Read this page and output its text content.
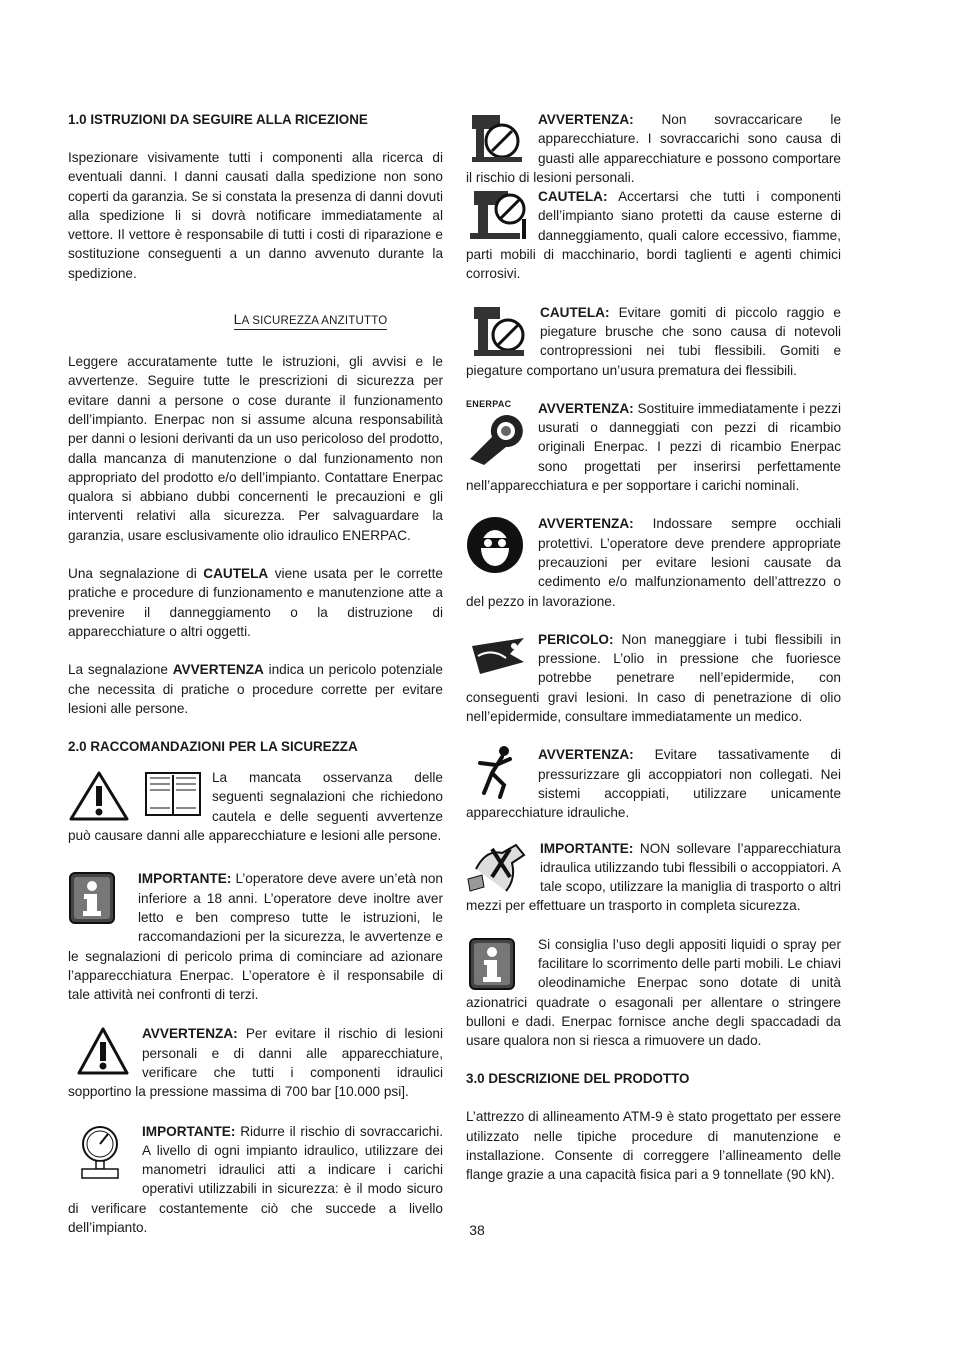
1.0 ISTRUZIONI DA SEGUIRE ALLA RICEZIONE

Ispezionare visivamente tutti i componenti alla ricerca di eventuali danni. I danni causati dalla spedizione non sono coperti da garanzia. Se si constata la presenza di danni dovuti alla spedizione li si dovrà notificare immediatamente al vettore. Il vettore è responsabile di tutti i costi di riparazione e sostituzione conseguenti a un danno avvenuto durante la spedizione.

LA SICUREZZA ANZITUTTO

Leggere accuratamente tutte le istruzioni, gli avvisi e le avvertenze. Seguire tutte le prescrizioni di sicurezza per evitare danni a persone o cose durante il funzionamento dell’impianto. Enerpac non si assume alcuna responsabilità per danni o lesioni derivanti da un uso pericoloso del prodotto, dalla mancanza di manutenzione o dal funzionamento non appropriato del prodotto e/o dell’impianto. Contattare Enerpac qualora si abbiano dubbi concernenti le precauzioni e gli interventi relativi alla sicurezza. Per salvaguardare la garanzia, usare esclusivamente olio idraulico ENERPAC.

Una segnalazione di CAUTELA viene usata per le corrette pratiche e procedure di funzionamento e manutenzione atte a prevenire il danneggiamento o la distruzione di apparecchiature o altri oggetti.

La segnalazione AVVERTENZA indica un pericolo potenziale che necessita di pratiche o procedure corrette per evitare lesioni alle persone.

2.0 RACCOMANDAZIONI PER LA SICUREZZA

La mancata osservanza delle seguenti segnalazioni che richiedono cautela e delle seguenti avvertenze può causare danni alle apparecchiature e lesioni alle persone.

IMPORTANTE: L’operatore deve avere un’età non inferiore a 18 anni. L’operatore deve inoltre aver letto e ben compreso tutte le istruzioni, le raccomandazioni per la sicurezza, le avvertenze e le segnalazioni di pericolo prima di cominciare ad azionare l’apparecchiatura Enerpac. L’operatore è il responsabile di tale attività nei confronti di terzi.

AVVERTENZA: Per evitare il rischio di lesioni personali e di danni alle apparecchiature, verificare che tutti i componenti idraulici sopportino la pressione massima di 700 bar [10.000 psi].

IMPORTANTE: Ridurre il rischio di sovraccarichi. A livello di ogni impianto idraulico, utilizzare dei manometri idraulici atti a indicare i carichi operativi utilizzabili in sicurezza: è il modo sicuro di verificare costantemente ciò che succede a livello dell’impianto.

AVVERTENZA: Non sovraccaricare le apparecchiature. I sovraccarichi sono causa di guasti alle apparecchiature e possono comportare il rischio di lesioni personali.

CAUTELA: Accertarsi che tutti i componenti dell’impianto siano protetti da cause esterne di danneggiamento, quali calore eccessivo, fiamme, parti mobili di macchinario, bordi taglienti e agenti chimici corrosivi.

CAUTELA: Evitare gomiti di piccolo raggio e piegature brusche che sono causa di notevoli contropressioni nei tubi flessibili. Gomiti e piegature comportano un’usura prematura dei flessibili.

ENERPAC	AVVERTENZA: Sostituire immediatamente i pezzi usurati o danneggiati con pezzi di ricambio originali Enerpac. I pezzi di ricambio Enerpac sono progettati per inserirsi perfettamente nell’apparecchiatura e per sopportare i carichi nominali.

AVVERTENZA: Indossare sempre occhiali protettivi. L’operatore deve prendere appropriate precauzioni per evitare lesioni causate da cedimento e/o malfunzionamento dell’attrezzo o del pezzo in lavorazione.

PERICOLO: Non maneggiare i tubi flessibili in pressione. L’olio in pressione che fuoriesce potrebbe penetrare nell’epidermide, con conseguenti gravi lesioni. In caso di penetrazione di olio nell’epidermide, consultare immediatamente un medico.

AVVERTENZA: Evitare tassativamente di pressurizzare gli accoppiatori non collegati. Nei sistemi accoppiati, utilizzare unicamente apparecchiature idrauliche.

IMPORTANTE: NON sollevare l’apparecchiatura idraulica utilizzando tubi flessibili o accoppiatori. A tale scopo, utilizzare la maniglia di trasporto o altri mezzi per effettuare un trasporto in completa sicurezza.

Si consiglia l’uso degli appositi liquidi o spray per facilitare lo scorrimento delle parti mobili. Le chiavi oleodinamiche Enerpac sono dotate di unità azionatrici quadrate o esagonali per allentare o stringere bulloni e dadi. Enerpac fornisce anche degli spaccadadi da usare qualora non si riesca a rimuovere un dado.

3.0 DESCRIZIONE DEL PRODOTTO

L’attrezzo di allineamento ATM-9 è stato progettato per essere utilizzato nelle tipiche procedure di manutenzione e installazione. Consente di correggere l’allineamento delle flange grazie a una capacità fisica pari a 9 tonnellate (90 kN).

38
